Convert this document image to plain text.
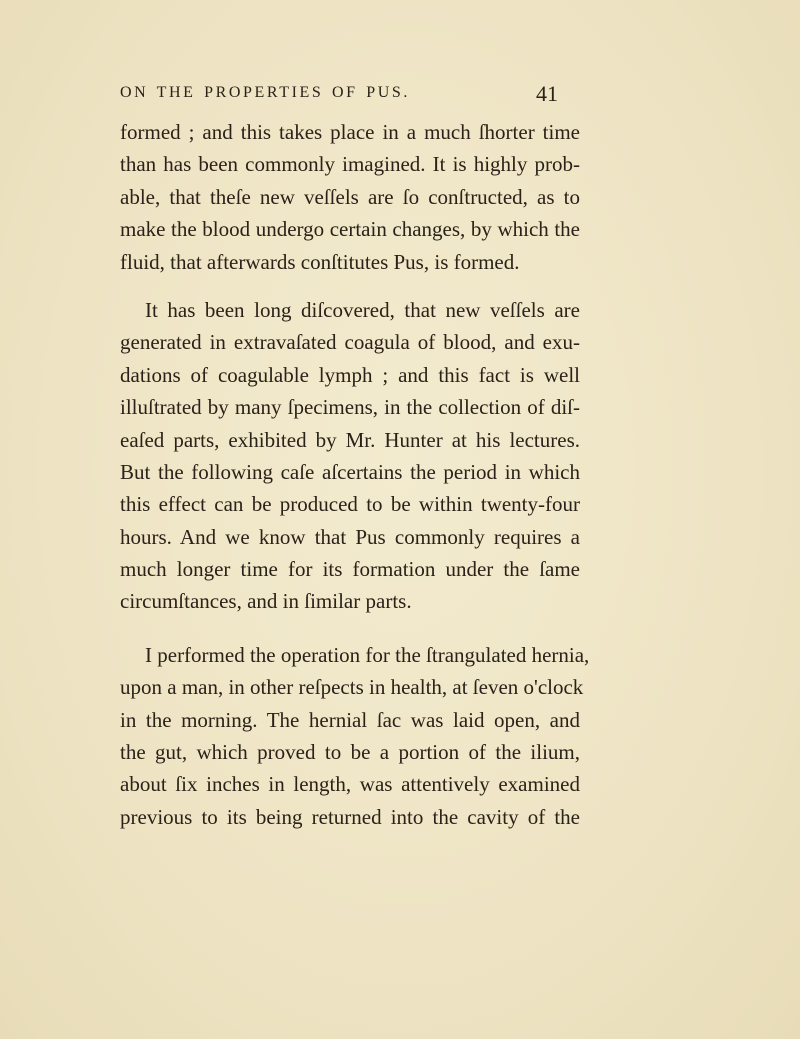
ON THE PROPERTIES OF PUS.	41
formed ; and this takes place in a much ſhorter time
than has been commonly imagined. It is highly prob-
able, that theſe new veſſels are ſo conſtructed, as to
make the blood undergo certain changes, by which the
fluid, that afterwards conſtitutes Pus, is formed.
It has been long diſcovered, that new veſſels are
generated in extravaſated coagula of blood, and exu-
dations of coagulable lymph ; and this fact is well
illuſtrated by many ſpecimens, in the collection of diſ-
eaſed parts, exhibited by Mr. Hunter at his lectures.
But the following caſe aſcertains the period in which
this effect can be produced to be within twenty-four
hours. And we know that Pus commonly requires a
much longer time for its formation under the ſame
circumſtances, and in ſimilar parts.
I performed the operation for the ſtrangulated hernia,
upon a man, in other reſpects in health, at ſeven o'clock
in the morning. The hernial ſac was laid open, and
the gut, which proved to be a portion of the ilium,
about ſix inches in length, was attentively examined
previous to its being returned into the cavity of the
